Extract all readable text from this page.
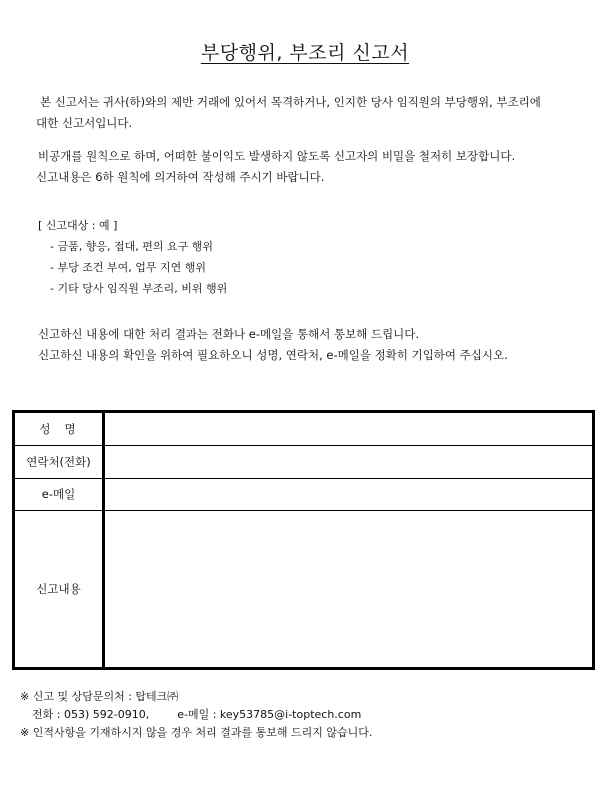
부당행위, 부조리 신고서
본 신고서는 귀사(하)와의 제반 거래에 있어서 목격하거나, 인지한 당사 임직원의 부당행위, 부조리에
대한 신고서입니다.
비공개를 원칙으로 하며, 어떠한 불이익도 발생하지 않도록 신고자의 비밀을 철저히 보장합니다.
신고내용은 6하 원칙에 의거하여 작성해 주시기 바랍니다.
[ 신고대상 : 예 ]
- 금품, 향응, 접대, 편의 요구 행위
- 부당 조건 부여, 업무 지연 행위
- 기타 당사 임직원 부조리, 비위 행위
신고하신 내용에 대한 처리 결과는 전화나 e-메일을 통해서 통보해 드립니다.
신고하신 내용의 확인을 위하여 필요하오니 성명, 연락처, e-메일을 정확히 기입하여 주십시오.
성명	
연락처(전화)	
e-메일	
신고내용	
※ 신고 및 상담문의처 : 탑테크㈜
전화 : 053) 592-0910,	e-메일 : key53785@i-toptech.com
※ 인적사항을 기재하시지 않을 경우 처리 결과를 통보해 드리지 않습니다.
